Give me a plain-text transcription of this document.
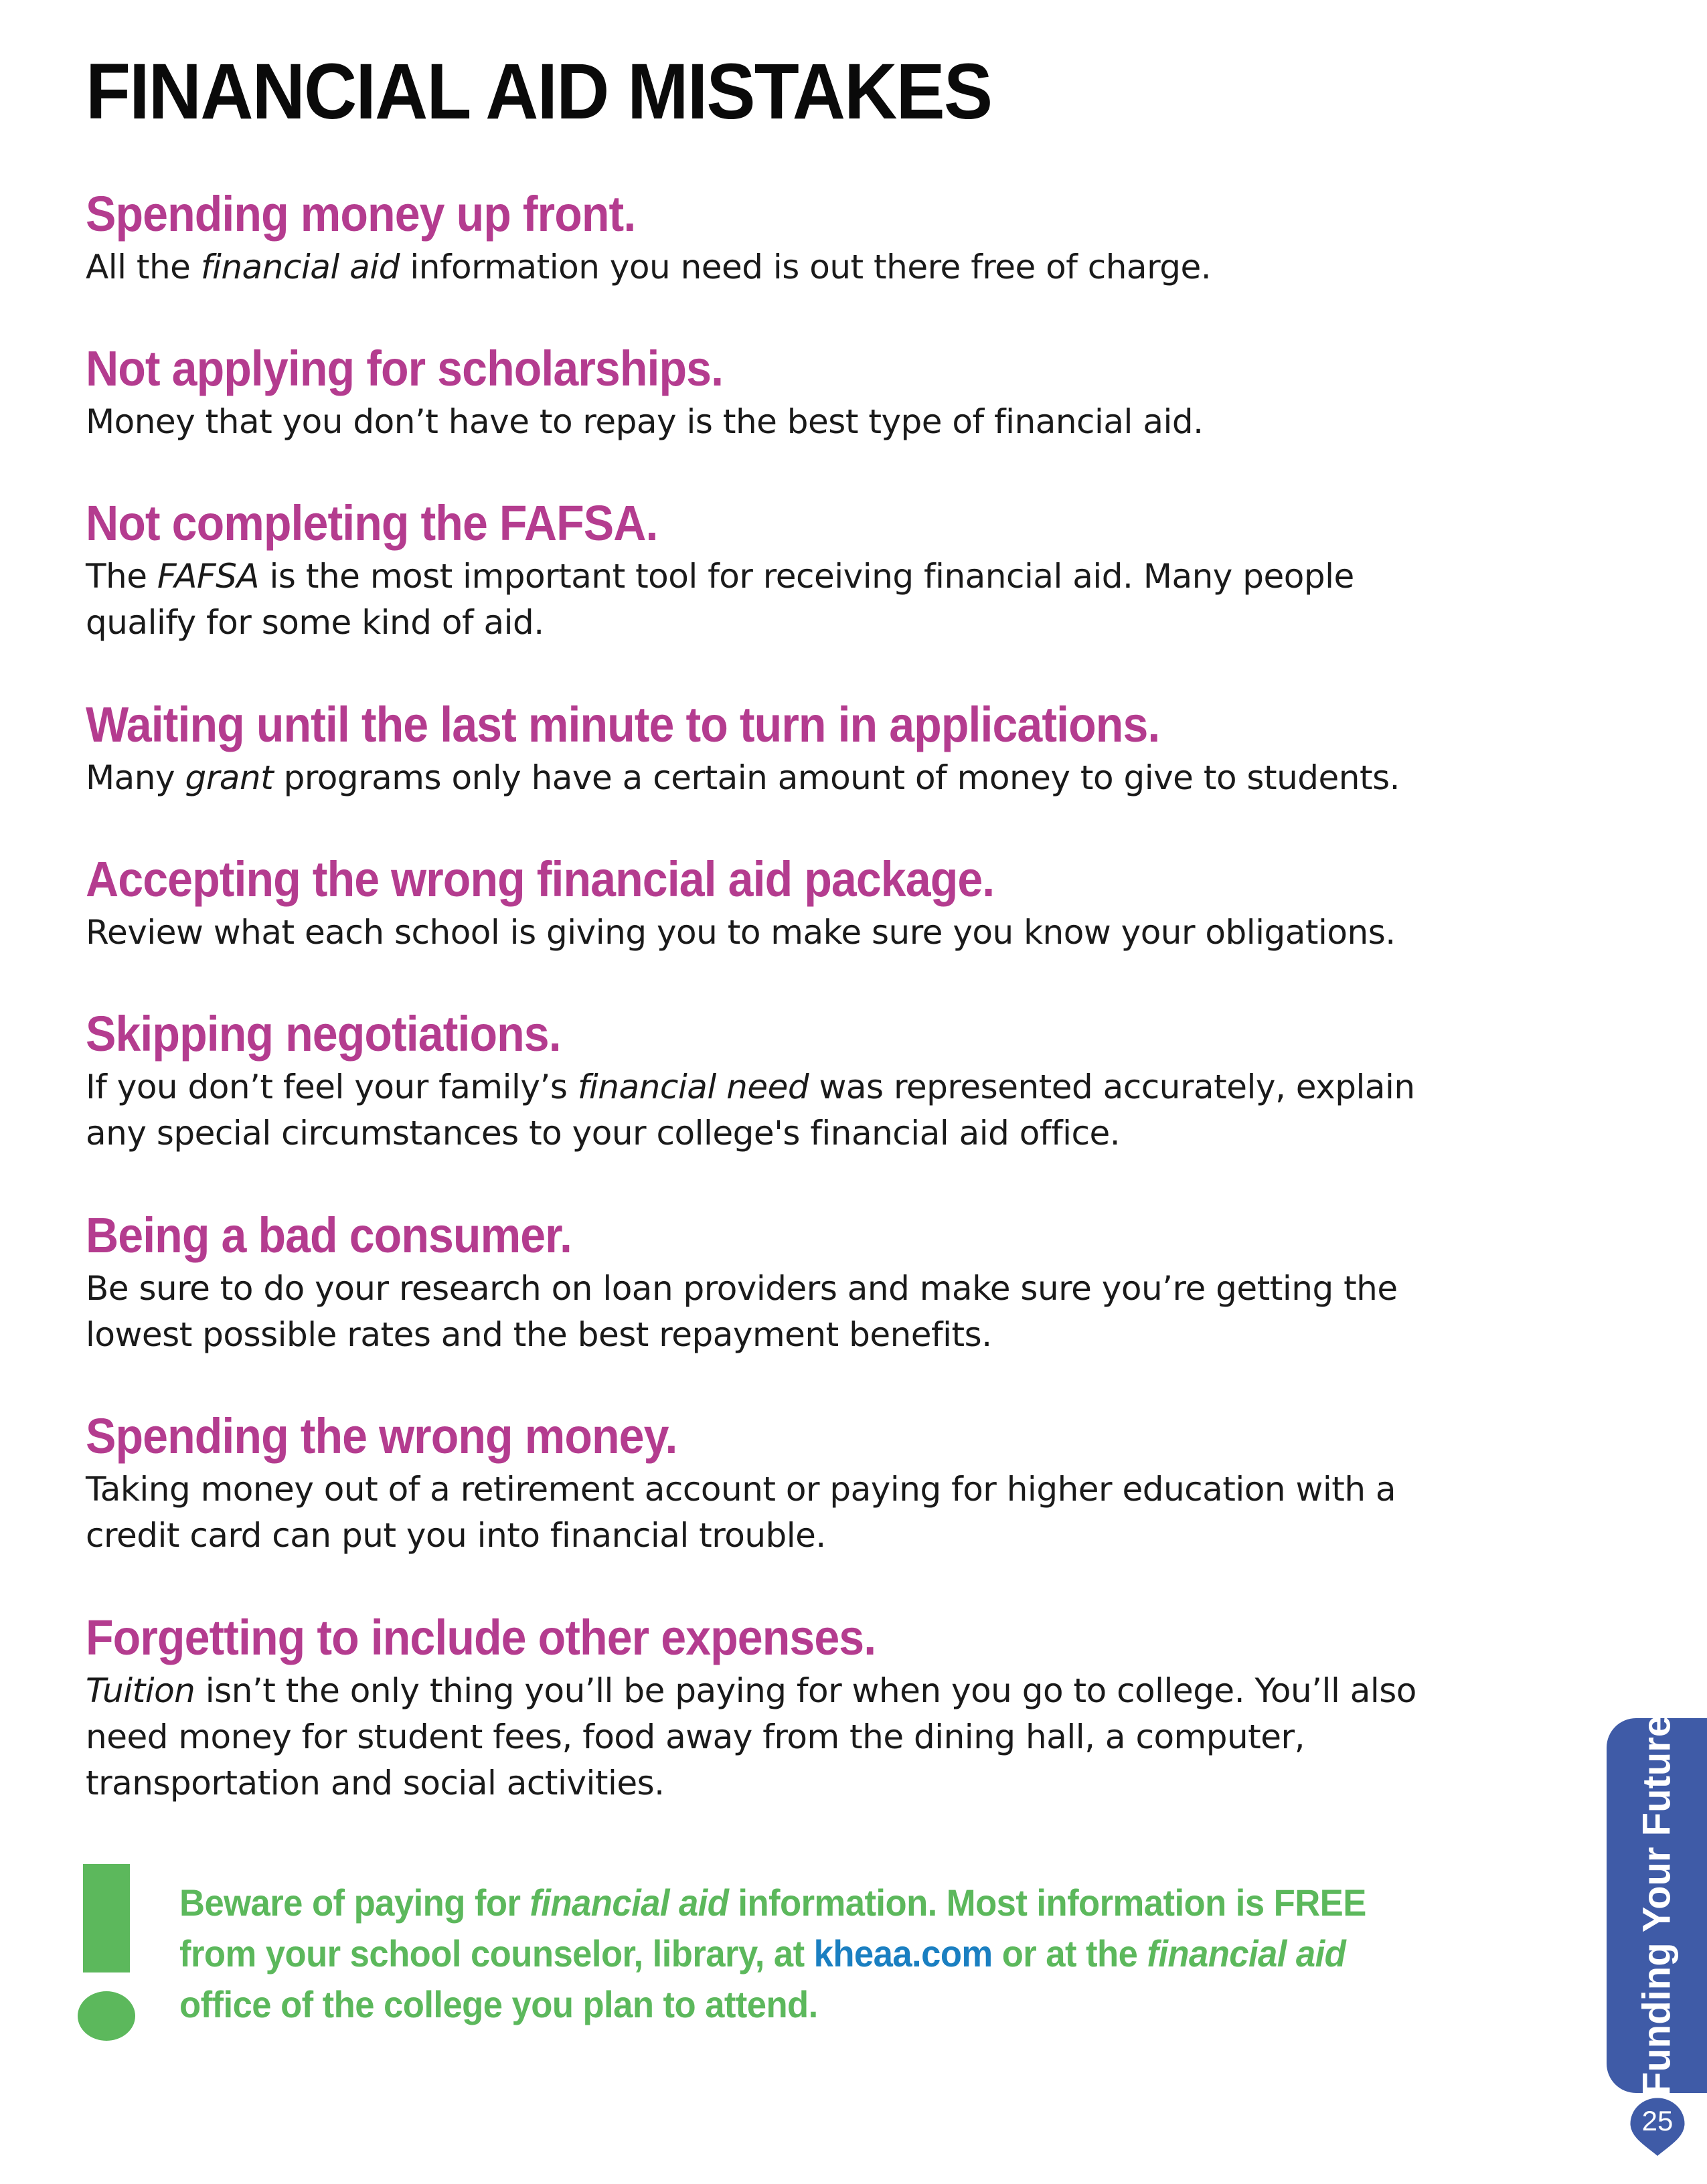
FINANCIAL AID MISTAKES
Spending money up front.

All the financial aid information you need is out there free of charge.

Not applying for scholarships.

Money that you don’t have to repay is the best type of financial aid.

Not completing the FAFSA.

The FAFSA is the most important tool for receiving financial aid. Many people qualify for some kind of aid.

Waiting until the last minute to turn in applications.

Many grant programs only have a certain amount of money to give to students.

Accepting the wrong financial aid package.

Review what each school is giving you to make sure you know your obligations.

Skipping negotiations.

If you don’t feel your family’s financial need was represented accurately, explain any special circumstances to your college's financial aid office.

Being a bad consumer.

Be sure to do your research on loan providers and make sure you’re getting the lowest possible rates and the best repayment benefits.

Spending the wrong money.

Taking money out of a retirement account or paying for higher education with a credit card can put you into financial trouble.

Forgetting to include other expenses.

Tuition isn’t the only thing you’ll be paying for when you go to college. You’ll also need money for student fees, food away from the dining hall, a computer, transportation and social activities.

Beware of paying for financial aid information. Most information is FREE from your school counselor, library, at kheaa.com or at the financial aid office of the college you plan to attend.	Funding Your Future
25
